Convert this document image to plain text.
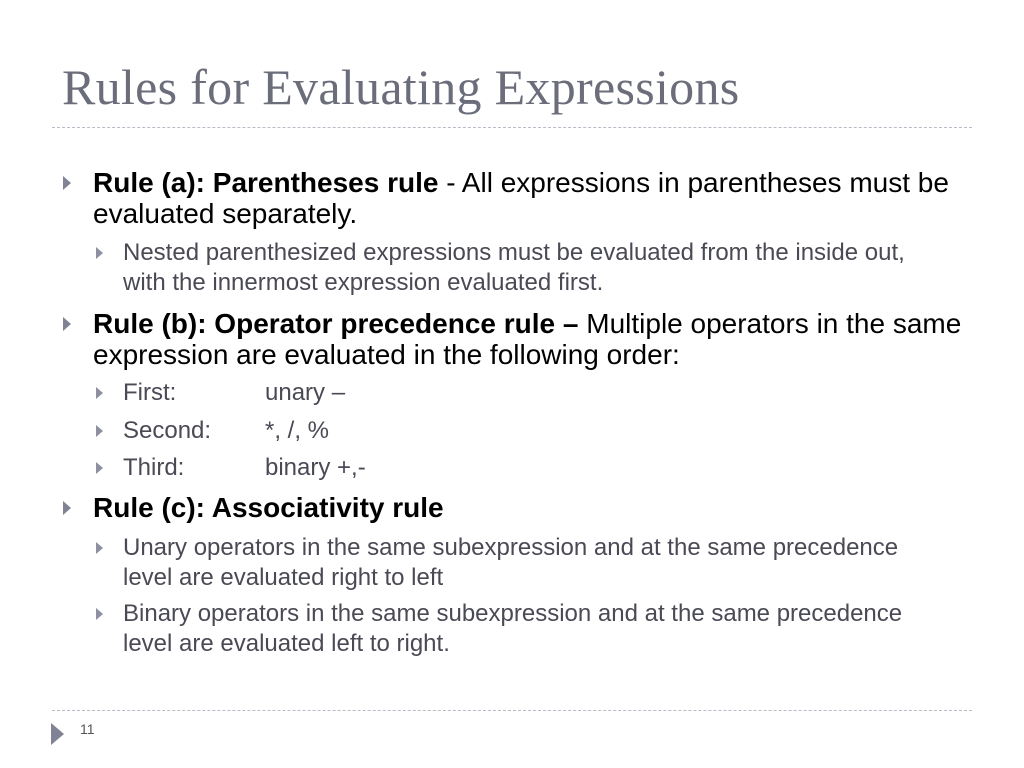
Rules for Evaluating Expressions
Rule (a): Parentheses rule - All expressions in parentheses must be evaluated separately.
Nested parenthesized expressions must be evaluated from the inside out, with the innermost expression evaluated first.
Rule (b): Operator precedence rule – Multiple operators in the same expression are evaluated in the following order:
First:	unary –
Second: *, /, %
Third:	binary +,-
Rule (c): Associativity rule
Unary operators in the same subexpression and at the same precedence level are evaluated right to left
Binary operators in the same subexpression and at the same precedence level are evaluated left to right.
11
